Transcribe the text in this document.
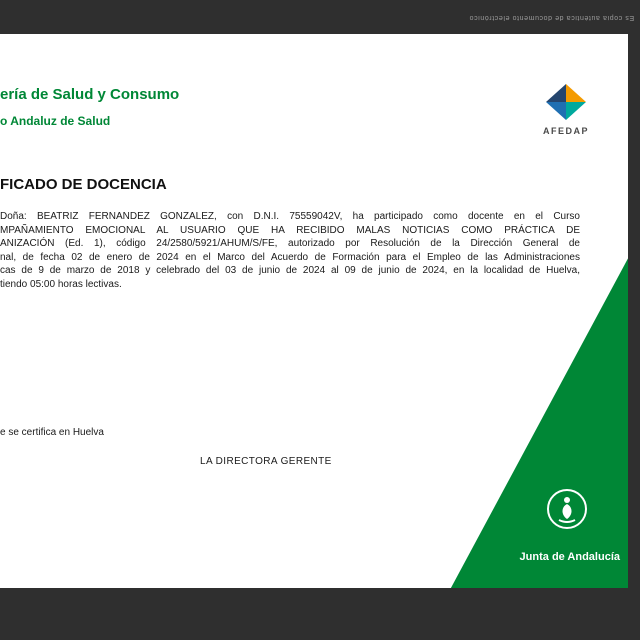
Es copia auténtica de documento electrónico
ería de Salud y Consumo
o Andaluz de Salud
AFEDAP
FICADO DE DOCENCIA
Doña: BEATRIZ FERNANDEZ GONZALEZ, con D.N.I. 75559042V, ha participado como docente en el Curso
MPAÑAMIENTO EMOCIONAL AL USUARIO QUE HA RECIBIDO MALAS NOTICIAS COMO PRÁCTICA DE
ANIZACIÓN (Ed. 1), código 24/2580/5921/AHUM/S/FE, autorizado por Resolución de la Dirección General de
nal, de fecha 02 de enero de 2024 en el Marco del Acuerdo de Formación para el Empleo de las Administraciones
cas de 9 de marzo de 2018 y celebrado del 03 de junio de 2024 al 09 de junio de 2024, en la localidad de Huelva,
tiendo 05:00 horas lectivas.
e se certifica en Huelva
LA DIRECTORA GERENTE
Junta de Andalucía
